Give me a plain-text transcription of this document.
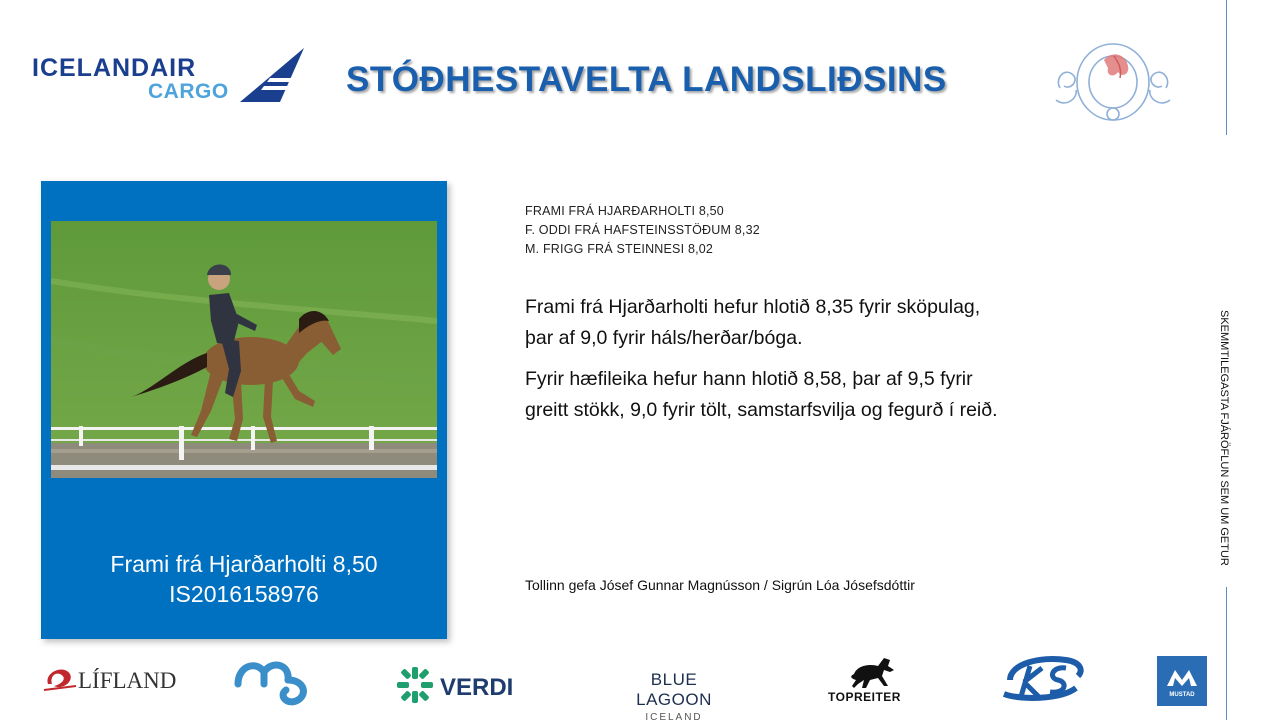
ICELANDAIR
CARGO	STÓÐHESTAVELTA LANDSLIÐSINS
SKEMMTILEGASTA FJÁRÖFLUN SEM UM GETUR
Frami frá Hjarðarholti 8,50
IS2016158976
FRAMI FRÁ HJARÐARHOLTI 8,50
F. ODDI FRÁ HAFSTEINSSTÖÐUM 8,32
M. FRIGG FRÁ STEINNESI 8,02
Frami frá Hjarðarholti hefur hlotið 8,35 fyrir sköpulag, þar af 9,0 fyrir háls/herðar/bóga.
Fyrir hæfileika hefur hann hlotið 8,58, þar af 9,5 fyrir greitt stökk, 9,0 fyrir tölt, samstarfsvilja og fegurð í reið.
Tollinn gefa Jósef Gunnar Magnússon / Sigrún Lóa Jósefsdóttir
LÍFLAND	VERDI	BLUE LAGOON
ICELAND
TOPREITER	MUSTAD
